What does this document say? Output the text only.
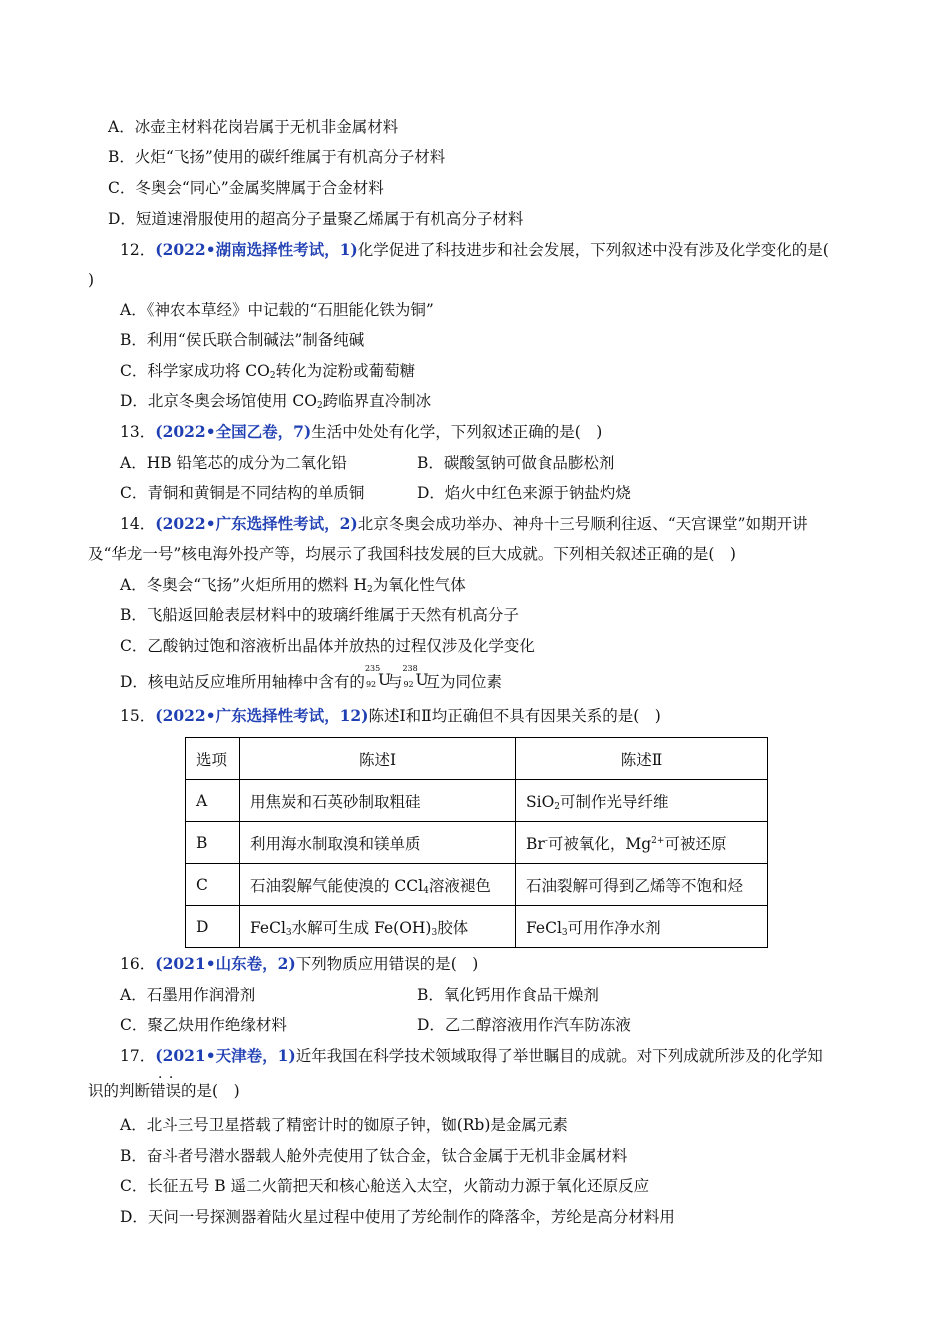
A．冰壶主材料花岗岩属于无机非金属材料
B．火炬“飞扬”使用的碳纤维属于有机高分子材料
C．冬奥会“同心”金属奖牌属于合金材料
D．短道速滑服使用的超高分子量聚乙烯属于有机高分子材料
12．(2022•湖南选择性考试，1)化学促进了科技进步和社会发展，下列叙述中没有涉及化学变化的是(
)
A．《神农本草经》中记载的“石胆能化铁为铜”
B．利用“侯氏联合制碱法”制备纯碱
C．科学家成功将 $CO_2$转化为淀粉或葡萄糖
D．北京冬奥会场馆使用 $CO_2$跨临界直冷制冰
13．(2022•全国乙卷，7)生活中处处有化学，下列叙述正确的是(　)
A．HB 铅笔芯的成分为二氧化铅	B．碳酸氢钠可做食品膨松剂
C．青铜和黄铜是不同结构的单质铜	D．焰火中红色来源于钠盐灼烧
14．(2022•广东选择性考试，2)北京冬奥会成功举办、神舟十三号顺利往返、“天宫课堂”如期开讲
及“华龙一号”核电海外投产等，均展示了我国科技发展的巨大成就。下列相关叙述正确的是(　)
A．冬奥会“飞扬”火炬所用的燃料 $H_2$为氧化性气体
B．飞船返回舱表层材料中的玻璃纤维属于天然有机高分子
C．乙酸钠过饱和溶液析出晶体并放热的过程仅涉及化学变化
D．核电站反应堆所用轴棒中含有的
235
92 U
与
238
92 U
互为同位素
15．(2022•广东选择性考试，12)陈述Ⅰ和Ⅱ均正确但不具有因果关系的是(　)
选项	陈述Ⅰ	陈述Ⅱ
A	用焦炭和石英砂制取粗硅	SiO$_2$可制作光导纤维
B	利用海水制取溴和镁单质	Br-可被氧化，$Mg^{2+}$可被还原
C	石油裂解气能使溴的 CCl$_4$溶液褪色	石油裂解可得到乙烯等不饱和烃
D	FeCl$_3$水解可生成 $Fe(OH)_3$胶体	FeCl$_3$可用作净水剂
16．(2021•山东卷，2)下列物质应用错误的是(　)
A．石墨用作润滑剂	B．氧化钙用作食品干燥剂
C．聚乙炔用作绝缘材料	D．乙二醇溶液用作汽车防冻液
17．(2021•天津卷，1)近年我国在科学技术领域取得了举世瞩目的成就。对下列成就所涉及的化学知
识的判断错误 · ·的是(　)
A．北斗三号卫星搭载了精密计时的铷原子钟，铷(Rb)是金属元素
B．奋斗者号潜水器载人舱外壳使用了钛合金，钛合金属于无机非金属材料
C．长征五号 B 遥二火箭把天和核心舱送入太空，火箭动力源于氧化还原反应
D．天问一号探测器着陆火星过程中使用了芳纶制作的降落伞，芳纶是高分材料用
